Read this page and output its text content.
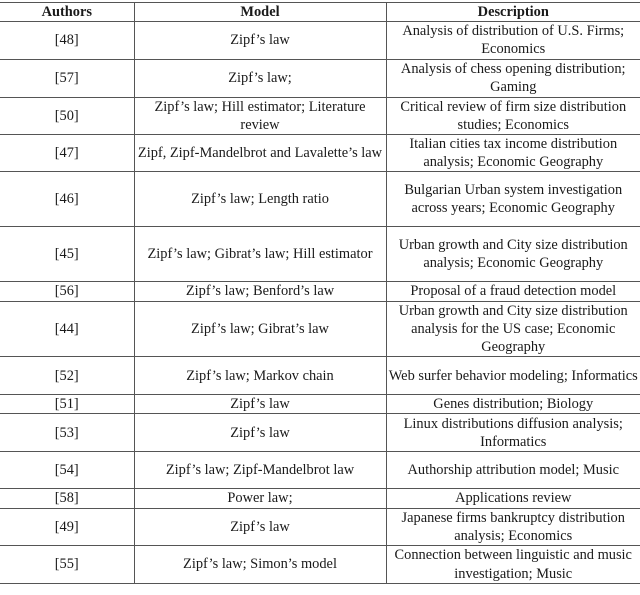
Authors	Model	Description
[48]	Zipf’s law	Analysis of distribution of U.S. Firms; Economics
[57]	Zipf’s law;	Analysis of chess opening distribution; Gaming
[50]	Zipf’s law; Hill estimator; Literature review	Critical review of firm size distribution studies; Economics
[47]	Zipf, Zipf-Mandelbrot and Lavalette’s law	Italian cities tax income distribution analysis; Economic Geography
[46]	Zipf’s law; Length ratio	Bulgarian Urban system investigation across years; Economic Geography
[45]	Zipf’s law; Gibrat’s law; Hill estimator	Urban growth and City size distribution analysis; Economic Geography
[56]	Zipf’s law; Benford’s law	Proposal of a fraud detection model
[44]	Zipf’s law; Gibrat’s law	Urban growth and City size distribution analysis for the US case; Economic Geography
[52]	Zipf’s law; Markov chain	Web surfer behavior modeling; Informatics
[51]	Zipf’s law	Genes distribution; Biology
[53]	Zipf’s law	Linux distributions diffusion analysis; Informatics
[54]	Zipf’s law; Zipf-Mandelbrot law	Authorship attribution model; Music
[58]	Power law;	Applications review
[49]	Zipf’s law	Japanese firms bankruptcy distribution analysis; Economics
[55]	Zipf’s law; Simon’s model	Connection between linguistic and music investigation; Music
